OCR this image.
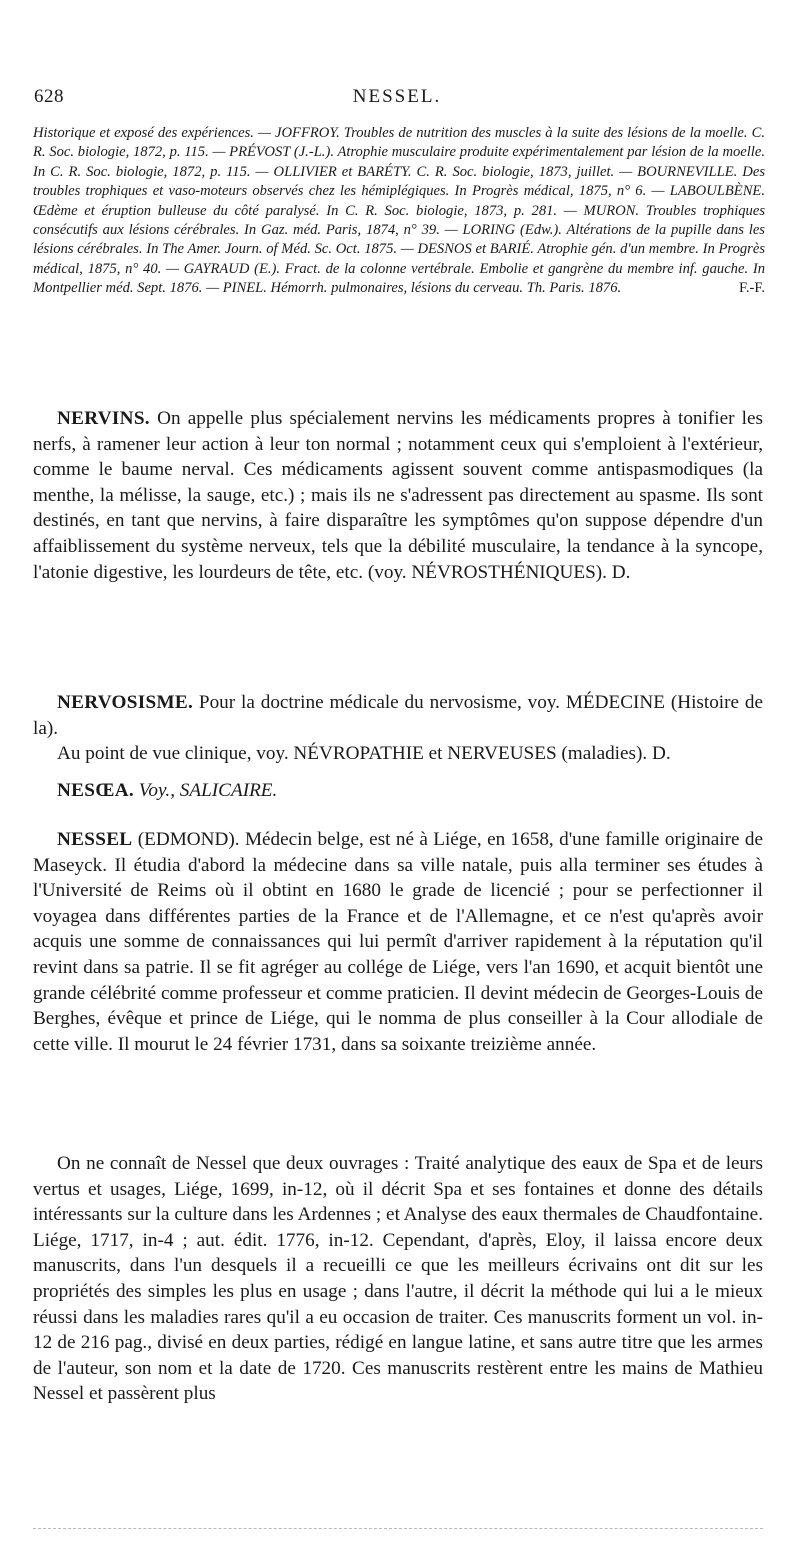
628	NESSEL.
Historique et exposé des expériences. — JOFFROY. Troubles de nutrition des muscles à la suite des lésions de la moelle. C. R. Soc. biologie, 1872, p. 115. — PRÉVOST (J.-L.). Atrophie musculaire produite expérimentalement par lésion de la moelle. In C. R. Soc. biologie, 1872, p. 115. — OLLIVIER et BARÉTY. C. R. Soc. biologie, 1873, juillet. — BOURNEVILLE. Des troubles trophiques et vaso-moteurs observés chez les hémiplégiques. In Progrès médical, 1875, n° 6. — LABOULBÈNE. Œdème et éruption bulleuse du côté paralysé. In C. R. Soc. biologie, 1873, p. 281. — MURON. Troubles trophiques consécutifs aux lésions cérébrales. In Gaz. méd. Paris, 1874, n° 39. — LORING (Edw.). Altérations de la pupille dans les lésions cérébrales. In The Amer. Journ. of Méd. Sc. Oct. 1875. — DESNOS et BARIÉ. Atrophie gén. d'un membre. In Progrès médical, 1875, n° 40. — GAYRAUD (E.). Fract. de la colonne vertébrale. Embolie et gangrène du membre inf. gauche. In Montpellier méd. Sept. 1876. — PINEL. Hémorrh. pulmonaires, lésions du cerveau. Th. Paris. 1876.	F.-F.
NERVINS. On appelle plus spécialement nervins les médicaments propres à tonifier les nerfs, à ramener leur action à leur ton normal ; notamment ceux qui s'emploient à l'extérieur, comme le baume nerval. Ces médicaments agissent souvent comme antispasmodiques (la menthe, la mélisse, la sauge, etc.) ; mais ils ne s'adressent pas directement au spasme. Ils sont destinés, en tant que nervins, à faire disparaître les symptômes qu'on suppose dépendre d'un affaiblissement du système nerveux, tels que la débilité musculaire, la tendance à la syncope, l'atonie digestive, les lourdeurs de tête, etc. (voy. NÉVROSTHÉNIQUES). D.
NERVOSISME. Pour la doctrine médicale du nervosisme, voy. MÉDECINE (Histoire de la).
Au point de vue clinique, voy. NÉVROPATHIE et NERVEUSES (maladies). D.
NESŒA. Voy., SALICAIRE.
NESSEL (EDMOND). Médecin belge, est né à Liége, en 1658, d'une famille originaire de Maseyck. Il étudia d'abord la médecine dans sa ville natale, puis alla terminer ses études à l'Université de Reims où il obtint en 1680 le grade de licencié ; pour se perfectionner il voyagea dans différentes parties de la France et de l'Allemagne, et ce n'est qu'après avoir acquis une somme de connaissances qui lui permît d'arriver rapidement à la réputation qu'il revint dans sa patrie. Il se fit agréger au collége de Liége, vers l'an 1690, et acquit bientôt une grande célébrité comme professeur et comme praticien. Il devint médecin de Georges-Louis de Berghes, évêque et prince de Liége, qui le nomma de plus conseiller à la Cour allodiale de cette ville. Il mourut le 24 février 1731, dans sa soixante treizième année.
On ne connaît de Nessel que deux ouvrages : Traité analytique des eaux de Spa et de leurs vertus et usages, Liége, 1699, in-12, où il décrit Spa et ses fontaines et donne des détails intéressants sur la culture dans les Ardennes ; et Analyse des eaux thermales de Chaudfontaine. Liége, 1717, in-4 ; aut. édit. 1776, in-12. Cependant, d'après, Eloy, il laissa encore deux manuscrits, dans l'un desquels il a recueilli ce que les meilleurs écrivains ont dit sur les propriétés des simples les plus en usage ; dans l'autre, il décrit la méthode qui lui a le mieux réussi dans les maladies rares qu'il a eu occasion de traiter. Ces manuscrits forment un vol. in-12 de 216 pag., divisé en deux parties, rédigé en langue latine, et sans autre titre que les armes de l'auteur, son nom et la date de 1720. Ces manuscrits restèrent entre les mains de Mathieu Nessel et passèrent plus
